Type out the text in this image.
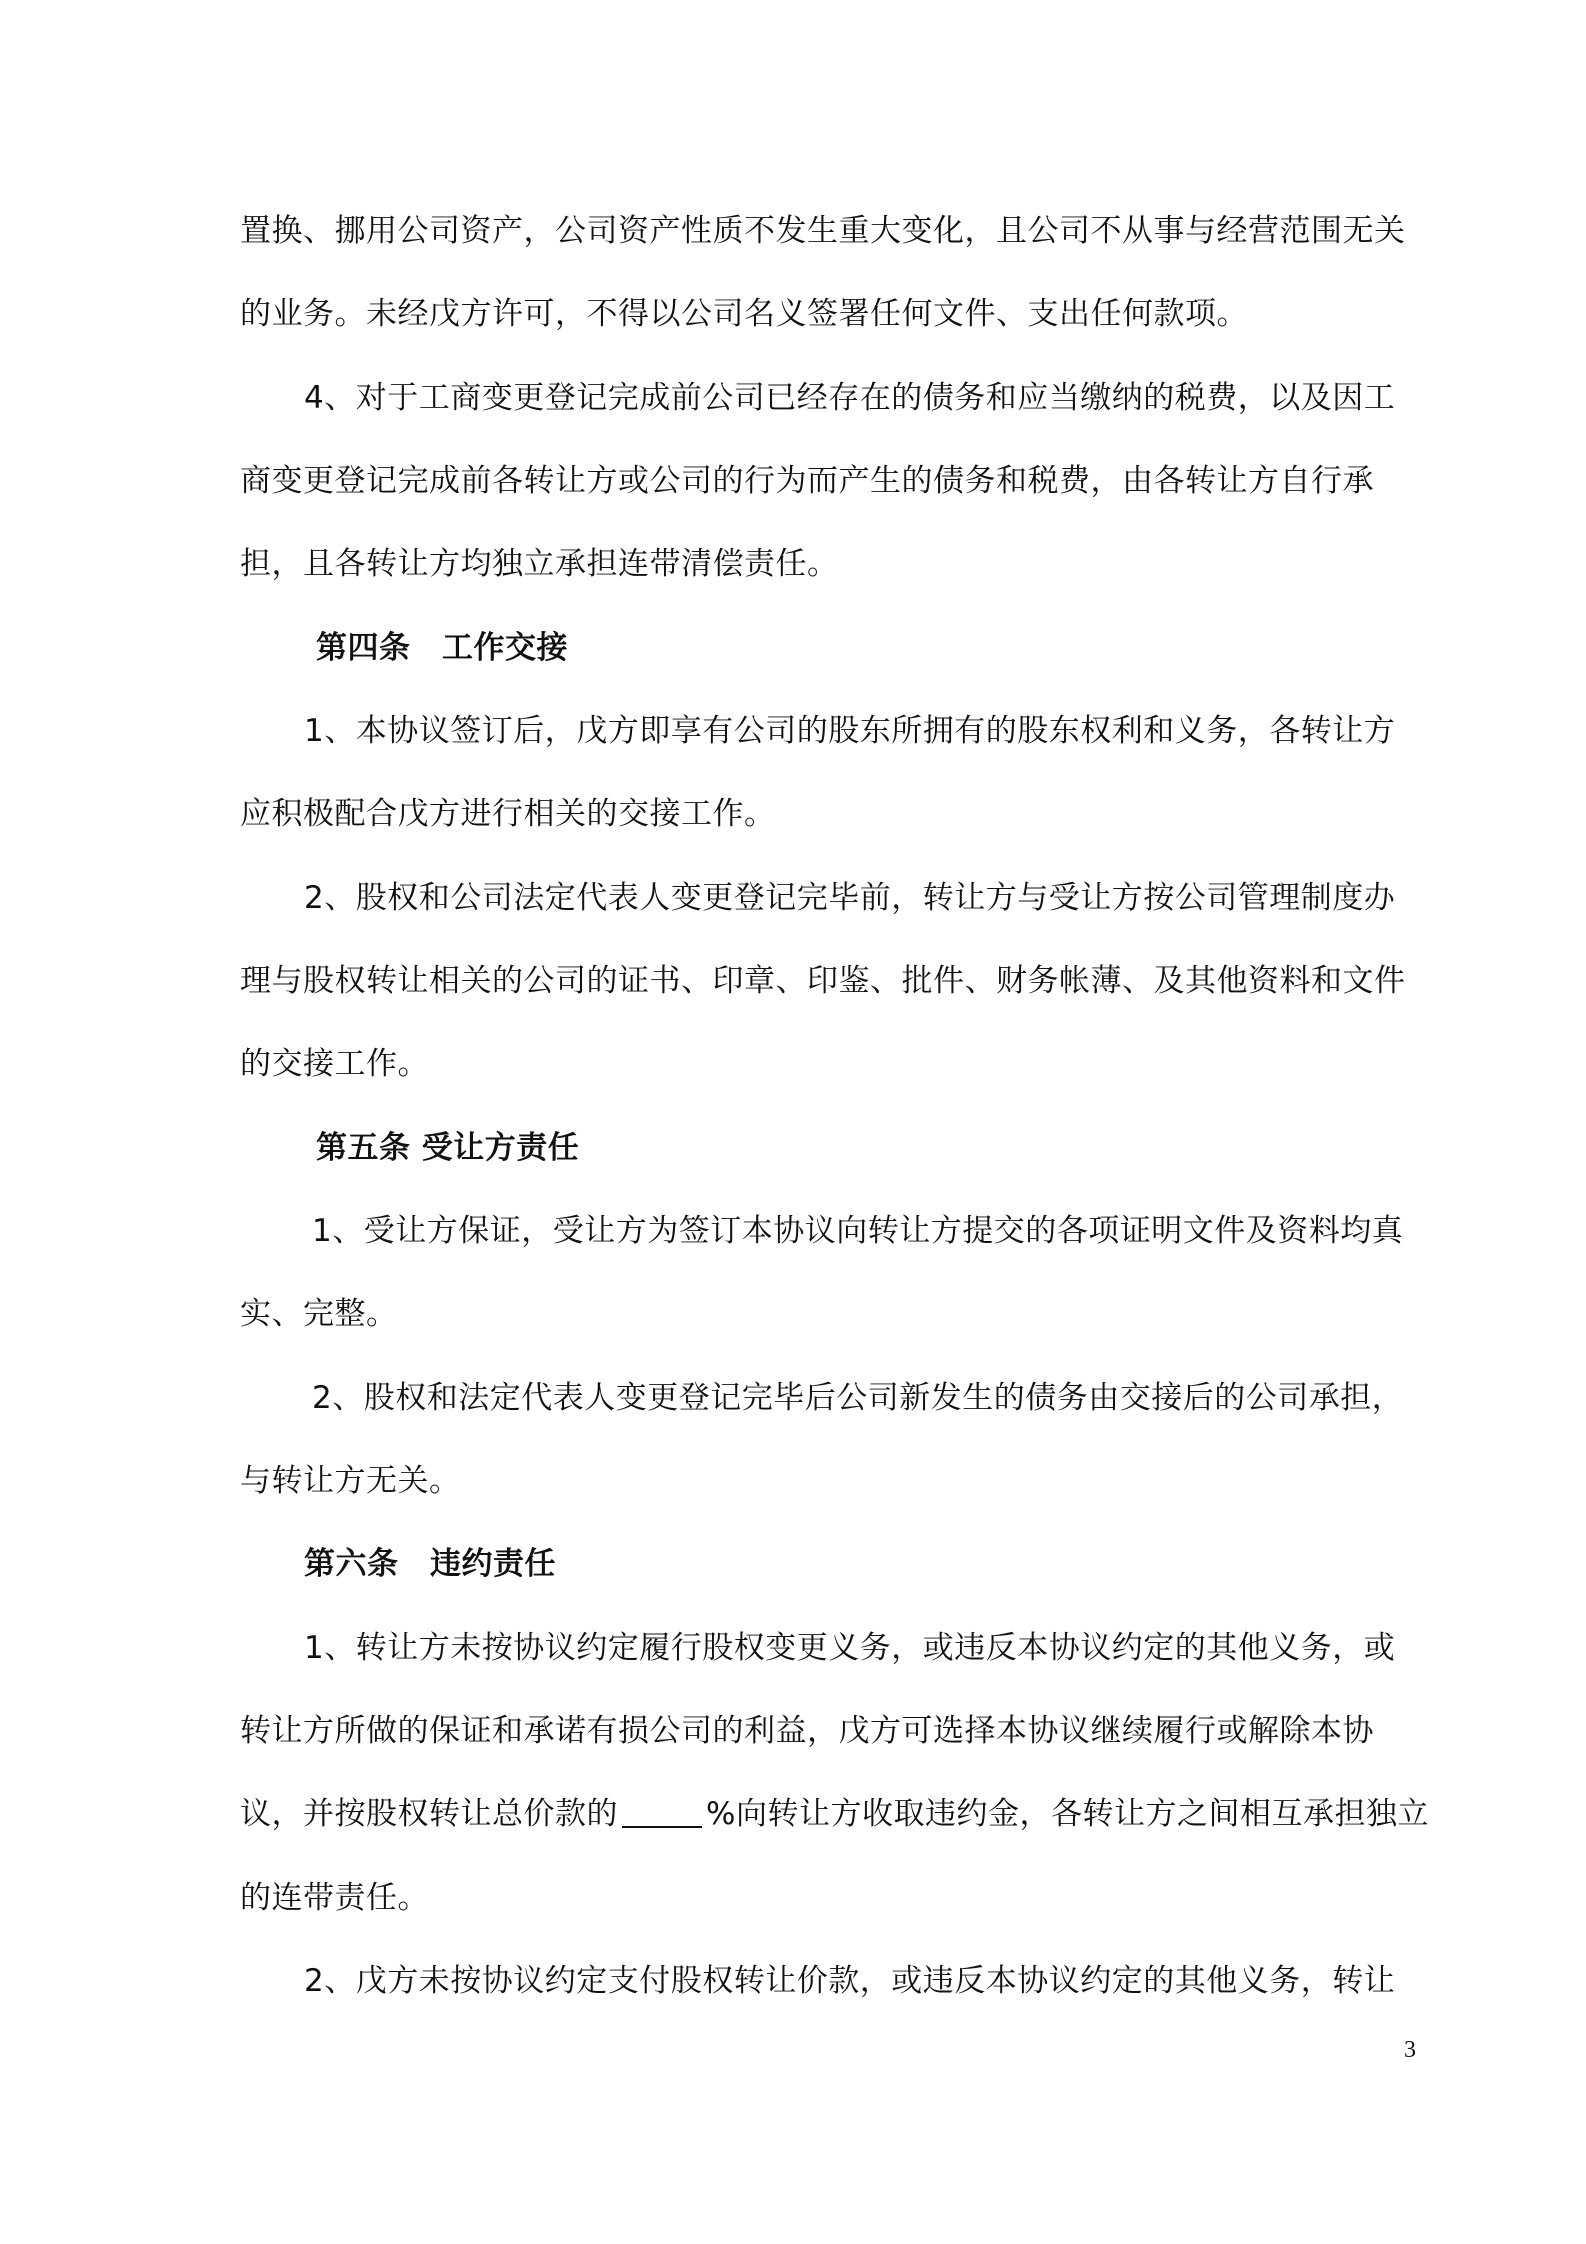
置换、挪用公司资产，公司资产性质不发生重大变化，且公司不从事与经营范围无关
的业务。未经戊方许可，不得以公司名义签署任何文件、支出任何款项。
4、对于工商变更登记完成前公司已经存在的债务和应当缴纳的税费，以及因工
商变更登记完成前各转让方或公司的行为而产生的债务和税费，由各转让方自行承
担，且各转让方均独立承担连带清偿责任。
第四条　工作交接
1、本协议签订后，戊方即享有公司的股东所拥有的股东权利和义务，各转让方
应积极配合戊方进行相关的交接工作。
2、股权和公司法定代表人变更登记完毕前，转让方与受让方按公司管理制度办
理与股权转让相关的公司的证书、印章、印鉴、批件、财务帐薄、及其他资料和文件
的交接工作。
第五条 受让方责任
1、受让方保证，受让方为签订本协议向转让方提交的各项证明文件及资料均真
实、完整。
2、股权和法定代表人变更登记完毕后公司新发生的债务由交接后的公司承担，
与转让方无关。
第六条　违约责任
1、转让方未按协议约定履行股权变更义务，或违反本协议约定的其他义务，或
转让方所做的保证和承诺有损公司的利益，戊方可选择本协议继续履行或解除本协
议，并按股权转让总价款的	%向转让方收取违约金，各转让方之间相互承担独立
的连带责任。
2、戊方未按协议约定支付股权转让价款，或违反本协议约定的其他义务，转让
3
